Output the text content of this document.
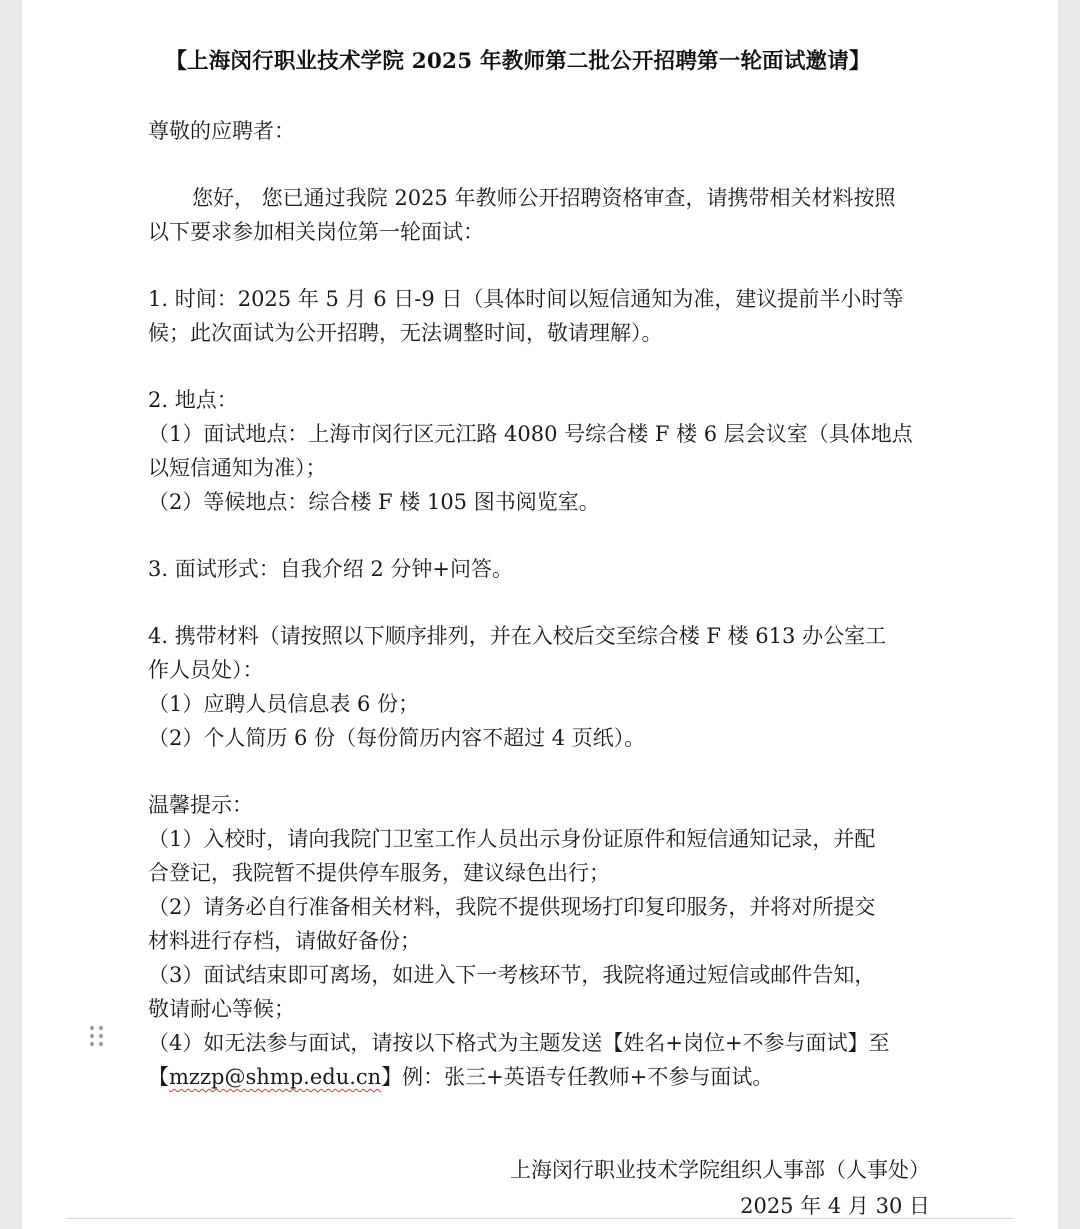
【上海闵行职业技术学院 2025 年教师第二批公开招聘第一轮面试邀请】
尊敬的应聘者：
您好， 您已通过我院 2025 年教师公开招聘资格审查，请携带相关材料按照
以下要求参加相关岗位第一轮面试：
1. 时间：2025 年 5 月 6 日-9 日（具体时间以短信通知为准，建议提前半小时等
候；此次面试为公开招聘，无法调整时间，敬请理解）。
2. 地点：
（1）面试地点：上海市闵行区元江路 4080 号综合楼 F 楼 6 层会议室（具体地点
以短信通知为准）；
（2）等候地点：综合楼 F 楼 105 图书阅览室。
3. 面试形式：自我介绍 2 分钟+问答。
4. 携带材料（请按照以下顺序排列，并在入校后交至综合楼 F 楼 613 办公室工
作人员处）：
（1）应聘人员信息表 6 份；
（2）个人简历 6 份（每份简历内容不超过 4 页纸）。
温馨提示：
（1）入校时，请向我院门卫室工作人员出示身份证原件和短信通知记录，并配
合登记，我院暂不提供停车服务，建议绿色出行；
（2）请务必自行准备相关材料，我院不提供现场打印复印服务，并将对所提交
材料进行存档，请做好备份；
（3）面试结束即可离场，如进入下一考核环节，我院将通过短信或邮件告知，
敬请耐心等候；
（4）如无法参与面试，请按以下格式为主题发送【姓名+岗位+不参与面试】至
【mzzp@shmp.edu.cn】例：张三+英语专任教师+不参与面试。
上海闵行职业技术学院组织人事部（人事处）
2025 年 4 月 30 日
